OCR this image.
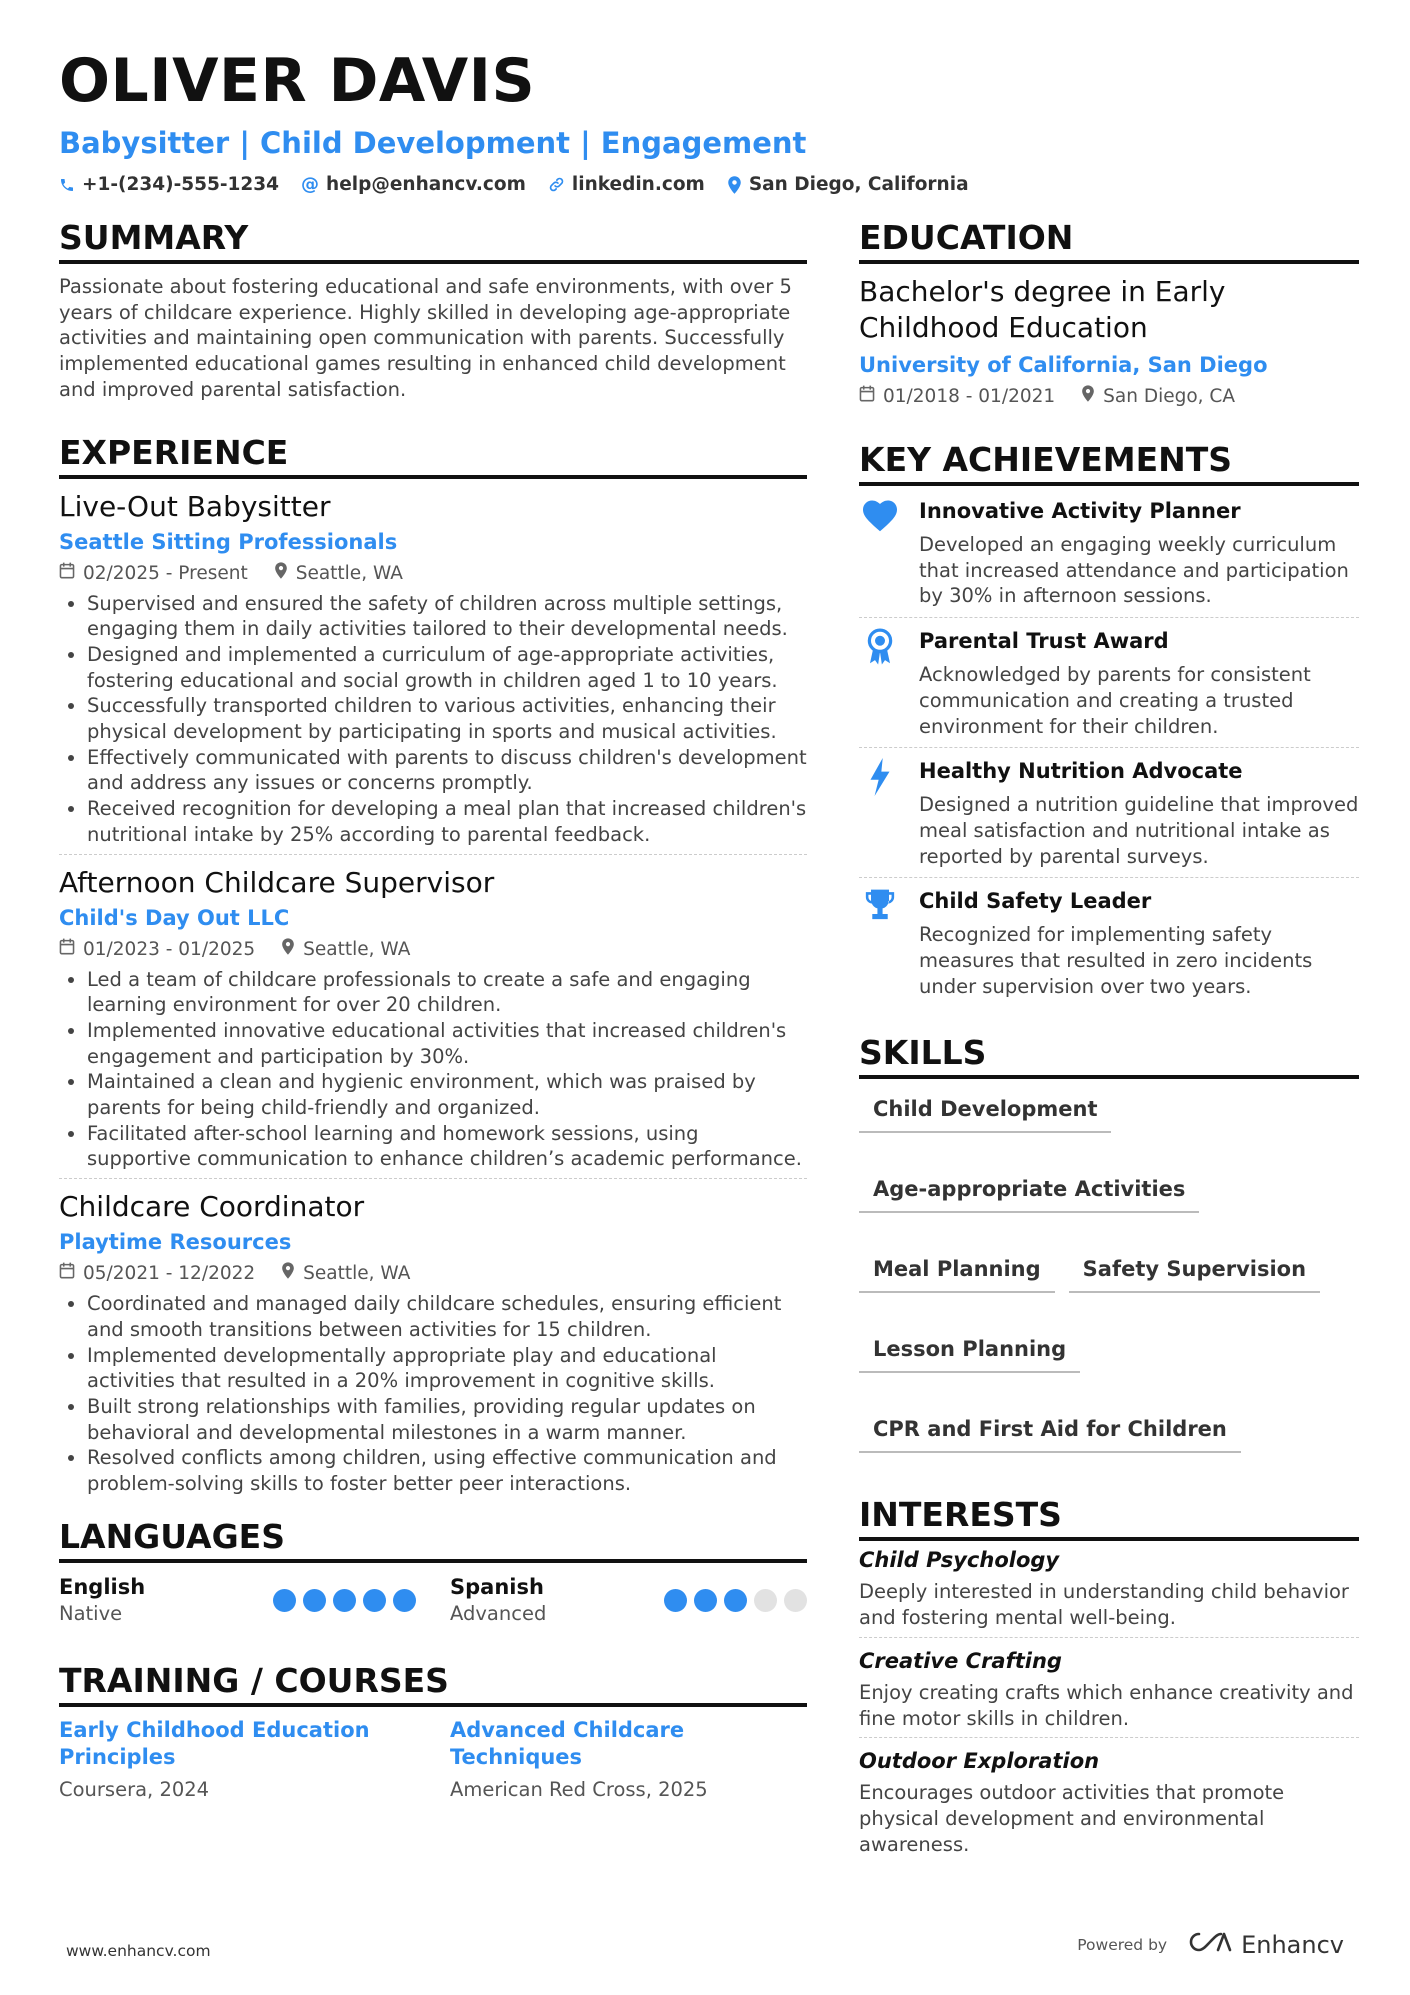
OLIVER DAVIS
Babysitter | Child Development | Engagement
+1-(234)-555-1234 @ help@enhancv.com linkedin.com San Diego, California
SUMMARY
Passionate about fostering educational and safe environments, with over 5 years of childcare experience. Highly skilled in developing age-appropriate activities and maintaining open communication with parents. Successfully implemented educational games resulting in enhanced child development and improved parental satisfaction.
EXPERIENCE
Live-Out Babysitter
Seattle Sitting Professionals
02/2025 - Present	Seattle, WA
• Supervised and ensured the safety of children across multiple settings, engaging them in daily activities tailored to their developmental needs.
• Designed and implemented a curriculum of age-appropriate activities, fostering educational and social growth in children aged 1 to 10 years.
• Successfully transported children to various activities, enhancing their physical development by participating in sports and musical activities.
• Effectively communicated with parents to discuss children's development and address any issues or concerns promptly.
• Received recognition for developing a meal plan that increased children's nutritional intake by 25% according to parental feedback.
Afternoon Childcare Supervisor
Child's Day Out LLC
01/2023 - 01/2025	Seattle, WA
• Led a team of childcare professionals to create a safe and engaging learning environment for over 20 children.
• Implemented innovative educational activities that increased children's engagement and participation by 30%.
• Maintained a clean and hygienic environment, which was praised by parents for being child-friendly and organized.
• Facilitated after-school learning and homework sessions, using supportive communication to enhance children’s academic performance.
Childcare Coordinator
Playtime Resources
05/2021 - 12/2022	Seattle, WA
• Coordinated and managed daily childcare schedules, ensuring efficient and smooth transitions between activities for 15 children.
• Implemented developmentally appropriate play and educational activities that resulted in a 20% improvement in cognitive skills.
• Built strong relationships with families, providing regular updates on behavioral and developmental milestones in a warm manner.
• Resolved conflicts among children, using effective communication and problem-solving skills to foster better peer interactions.
LANGUAGES
English
Native
Spanish
Advanced
TRAINING / COURSES
Early Childhood Education Principles
Coursera, 2024
Advanced Childcare Techniques
American Red Cross, 2025
EDUCATION
Bachelor's degree in Early Childhood Education
University of California, San Diego
01/2018 - 01/2021	San Diego, CA
KEY ACHIEVEMENTS
Innovative Activity Planner
Developed an engaging weekly curriculum that increased attendance and participation by 30% in afternoon sessions.
Parental Trust Award
Acknowledged by parents for consistent communication and creating a trusted environment for their children.
Healthy Nutrition Advocate
Designed a nutrition guideline that improved meal satisfaction and nutritional intake as reported by parental surveys.
Child Safety Leader
Recognized for implementing safety measures that resulted in zero incidents under supervision over two years.
SKILLS
Child Development
Age-appropriate Activities
Meal Planning	Safety Supervision
Lesson Planning
CPR and First Aid for Children
INTERESTS
Child Psychology
Deeply interested in understanding child behavior and fostering mental well-being.
Creative Crafting
Enjoy creating crafts which enhance creativity and fine motor skills in children.
Outdoor Exploration
Encourages outdoor activities that promote physical development and environmental awareness.
www.enhancv.com	Powered by	Enhancv
